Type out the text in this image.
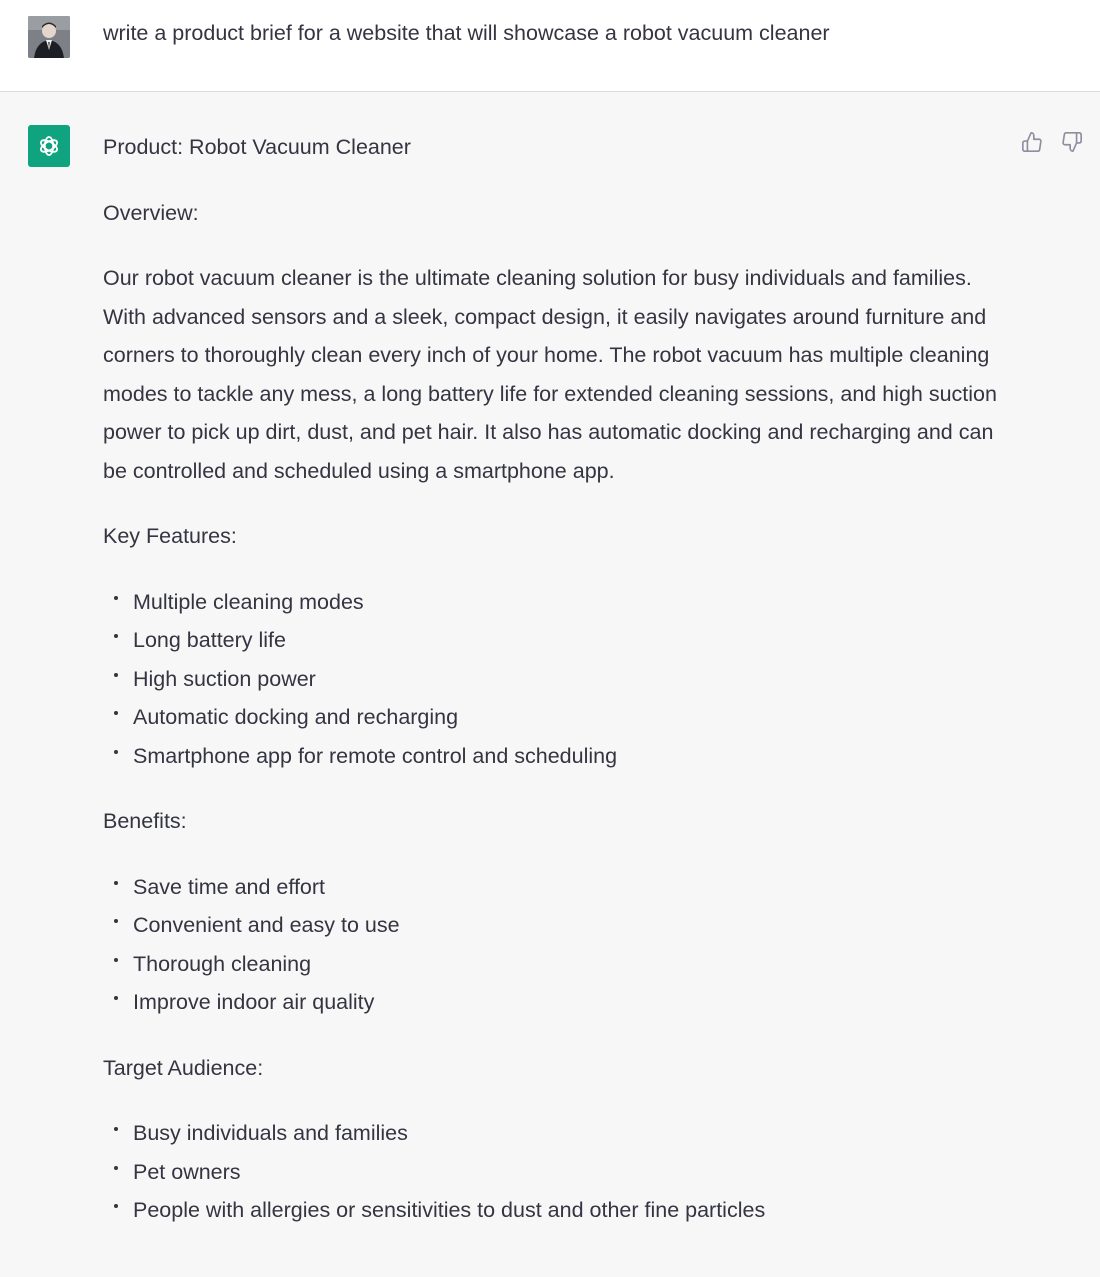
write a product brief for a website that will showcase a robot vacuum cleaner

Product: Robot Vacuum Cleaner

Overview:

Our robot vacuum cleaner is the ultimate cleaning solution for busy individuals and families. With advanced sensors and a sleek, compact design, it easily navigates around furniture and corners to thoroughly clean every inch of your home. The robot vacuum has multiple cleaning modes to tackle any mess, a long battery life for extended cleaning sessions, and high suction power to pick up dirt, dust, and pet hair. It also has automatic docking and recharging and can be controlled and scheduled using a smartphone app.

Key Features:

Multiple cleaning modes
Long battery life
High suction power
Automatic docking and recharging
Smartphone app for remote control and scheduling

Benefits:

Save time and effort
Convenient and easy to use
Thorough cleaning
Improve indoor air quality

Target Audience:

Busy individuals and families
Pet owners
People with allergies or sensitivities to dust and other fine particles
